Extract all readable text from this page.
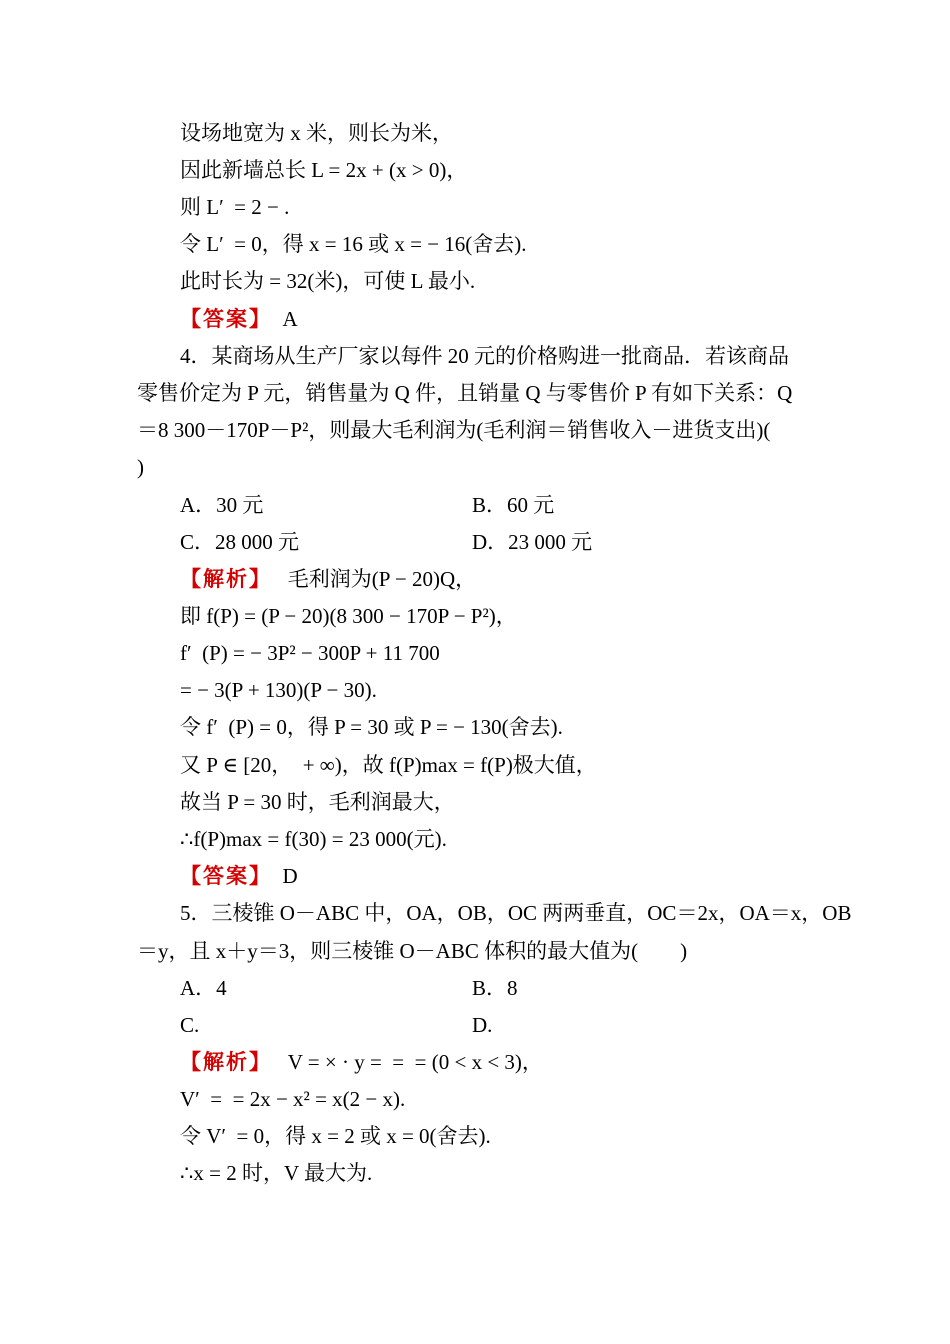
设场地宽为 x 米，则长为米，
因此新墙总长 L = 2x + (x > 0)，
则 L′  = 2 − .
令 L′  = 0，得 x = 16 或 x = − 16(舍去).
此时长为 = 32(米)，可使 L 最小.
【答案】 A
4．某商场从生产厂家以每件 20 元的价格购进一批商品．若该商品
零售价定为 P 元，销售量为 Q 件，且销量 Q 与零售价 P 有如下关系：Q
＝8 300－170P－P²，则最大毛利润为(毛利润＝销售收入－进货支出)(
)
A．30 元	B．60 元
C．28 000 元	D．23 000 元
【解析】 毛利润为(P − 20)Q，
即 f(P) = (P − 20)(8 300 − 170P − P²)，
f′  (P) = − 3P² − 300P + 11 700
= − 3(P + 130)(P − 30).
令 f′  (P) = 0，得 P = 30 或 P = − 130(舍去).
又 P ∈ [20，  + ∞)，故 f(P)max = f(P)极大值，
故当 P = 30 时，毛利润最大，
∴f(P)max = f(30) = 23 000(元).
【答案】 D
5．三棱锥 O－ABC 中，OA，OB，OC 两两垂直，OC＝2x，OA＝x，OB
＝y，且 x＋y＝3，则三棱锥 O－ABC 体积的最大值为(　　)
A．4	B．8
C.	D.
【解析】 V = × · y =  =  = (0 < x < 3)，
V′  =  = 2x − x² = x(2 − x).
令 V′  = 0，得 x = 2 或 x = 0(舍去).
∴x = 2 时，V 最大为.
